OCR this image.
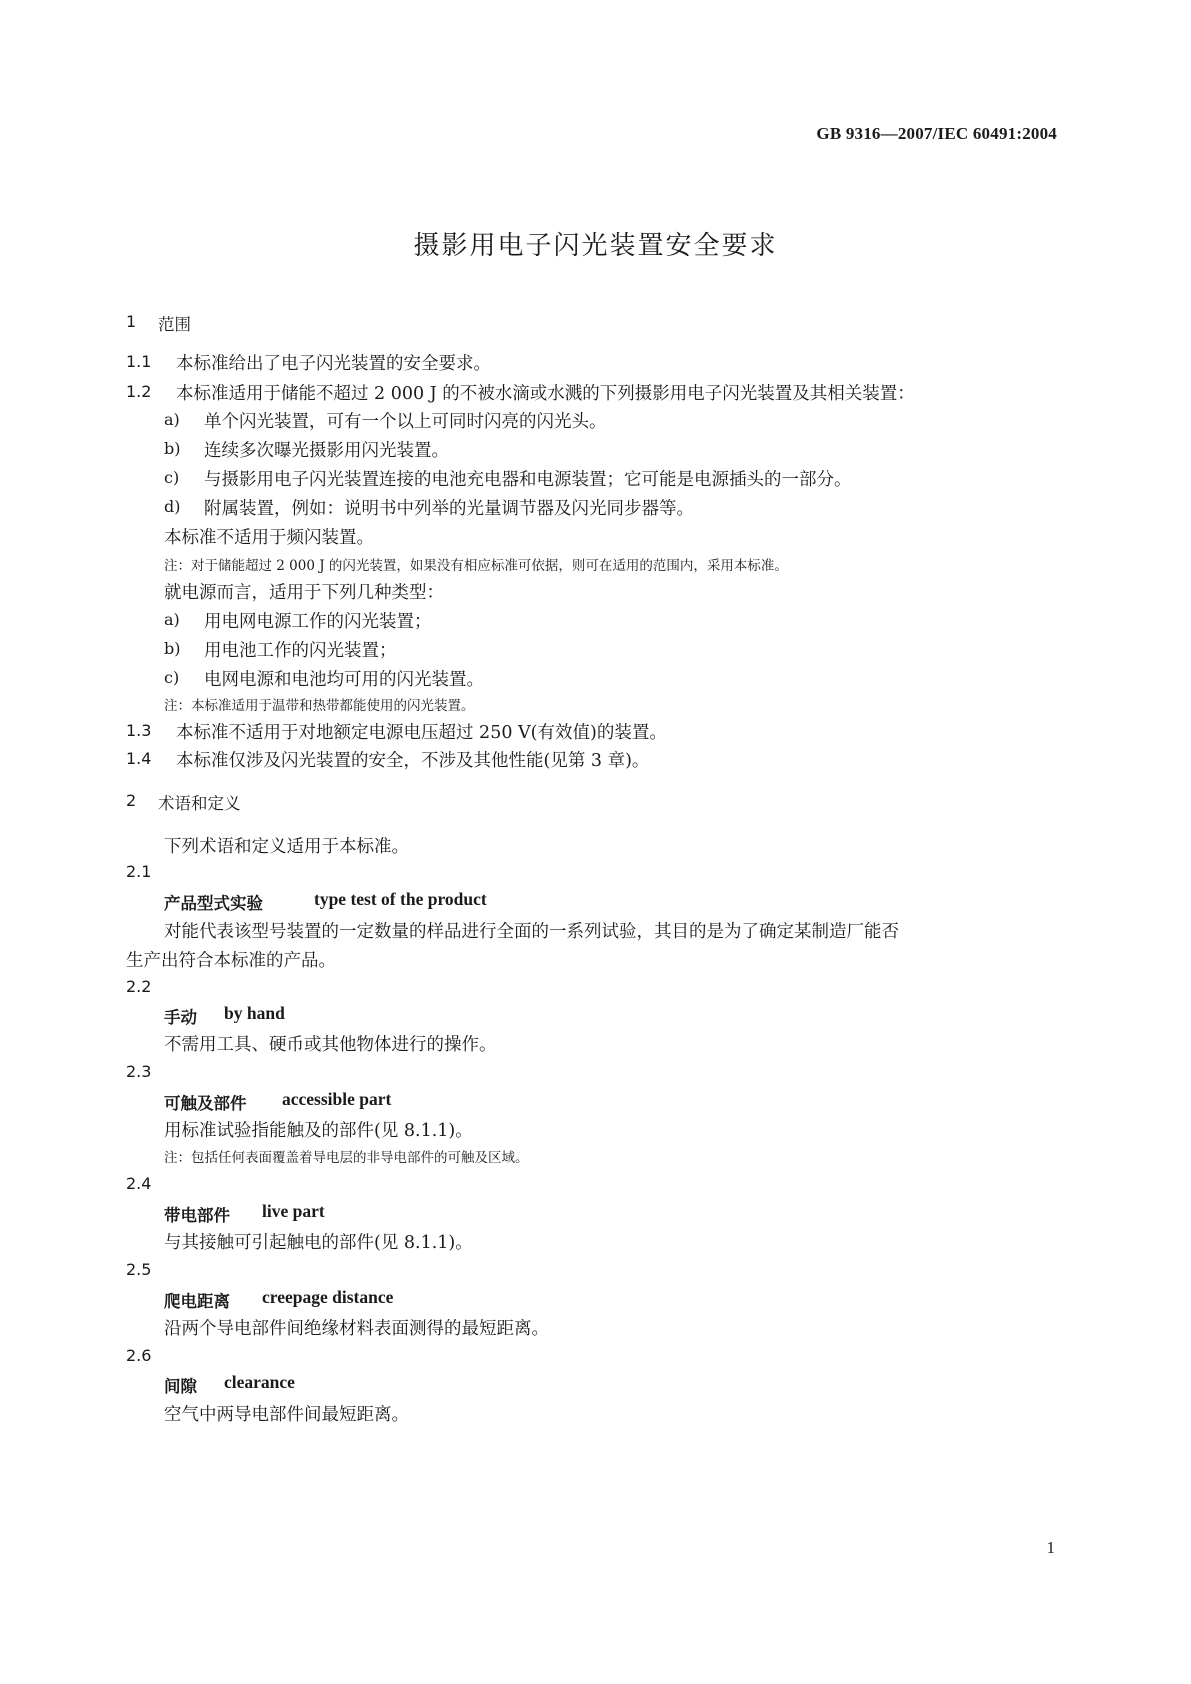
GB 9316—2007/IEC 60491:2004
摄影用电子闪光装置安全要求
1 范围
1.1 本标准给出了电子闪光装置的安全要求。
1.2 本标准适用于储能不超过 2 000 J 的不被水滴或水溅的下列摄影用电子闪光装置及其相关装置：
a) 单个闪光装置，可有一个以上可同时闪亮的闪光头。
b) 连续多次曝光摄影用闪光装置。
c) 与摄影用电子闪光装置连接的电池充电器和电源装置；它可能是电源插头的一部分。
d) 附属装置，例如：说明书中列举的光量调节器及闪光同步器等。
本标准不适用于频闪装置。
注：对于储能超过 2 000 J 的闪光装置，如果没有相应标准可依据，则可在适用的范围内，采用本标准。
就电源而言，适用于下列几种类型：
a) 用电网电源工作的闪光装置；
b) 用电池工作的闪光装置；
c) 电网电源和电池均可用的闪光装置。
注：本标准适用于温带和热带都能使用的闪光装置。
1.3 本标准不适用于对地额定电源电压超过 250 V(有效值)的装置。
1.4 本标准仅涉及闪光装置的安全，不涉及其他性能(见第 3 章)。
2 术语和定义
下列术语和定义适用于本标准。
2.1
产品型式实验	type test of the product
对能代表该型号装置的一定数量的样品进行全面的一系列试验，其目的是为了确定某制造厂能否
生产出符合本标准的产品。
2.2
手动 by hand
不需用工具、硬币或其他物体进行的操作。
2.3
可触及部件 accessible part
用标准试验指能触及的部件(见 8.1.1)。
注：包括任何表面覆盖着导电层的非导电部件的可触及区域。
2.4
带电部件 live part
与其接触可引起触电的部件(见 8.1.1)。
2.5
爬电距离 creepage distance
沿两个导电部件间绝缘材料表面测得的最短距离。
2.6
间隙 clearance
空气中两导电部件间最短距离。
1
